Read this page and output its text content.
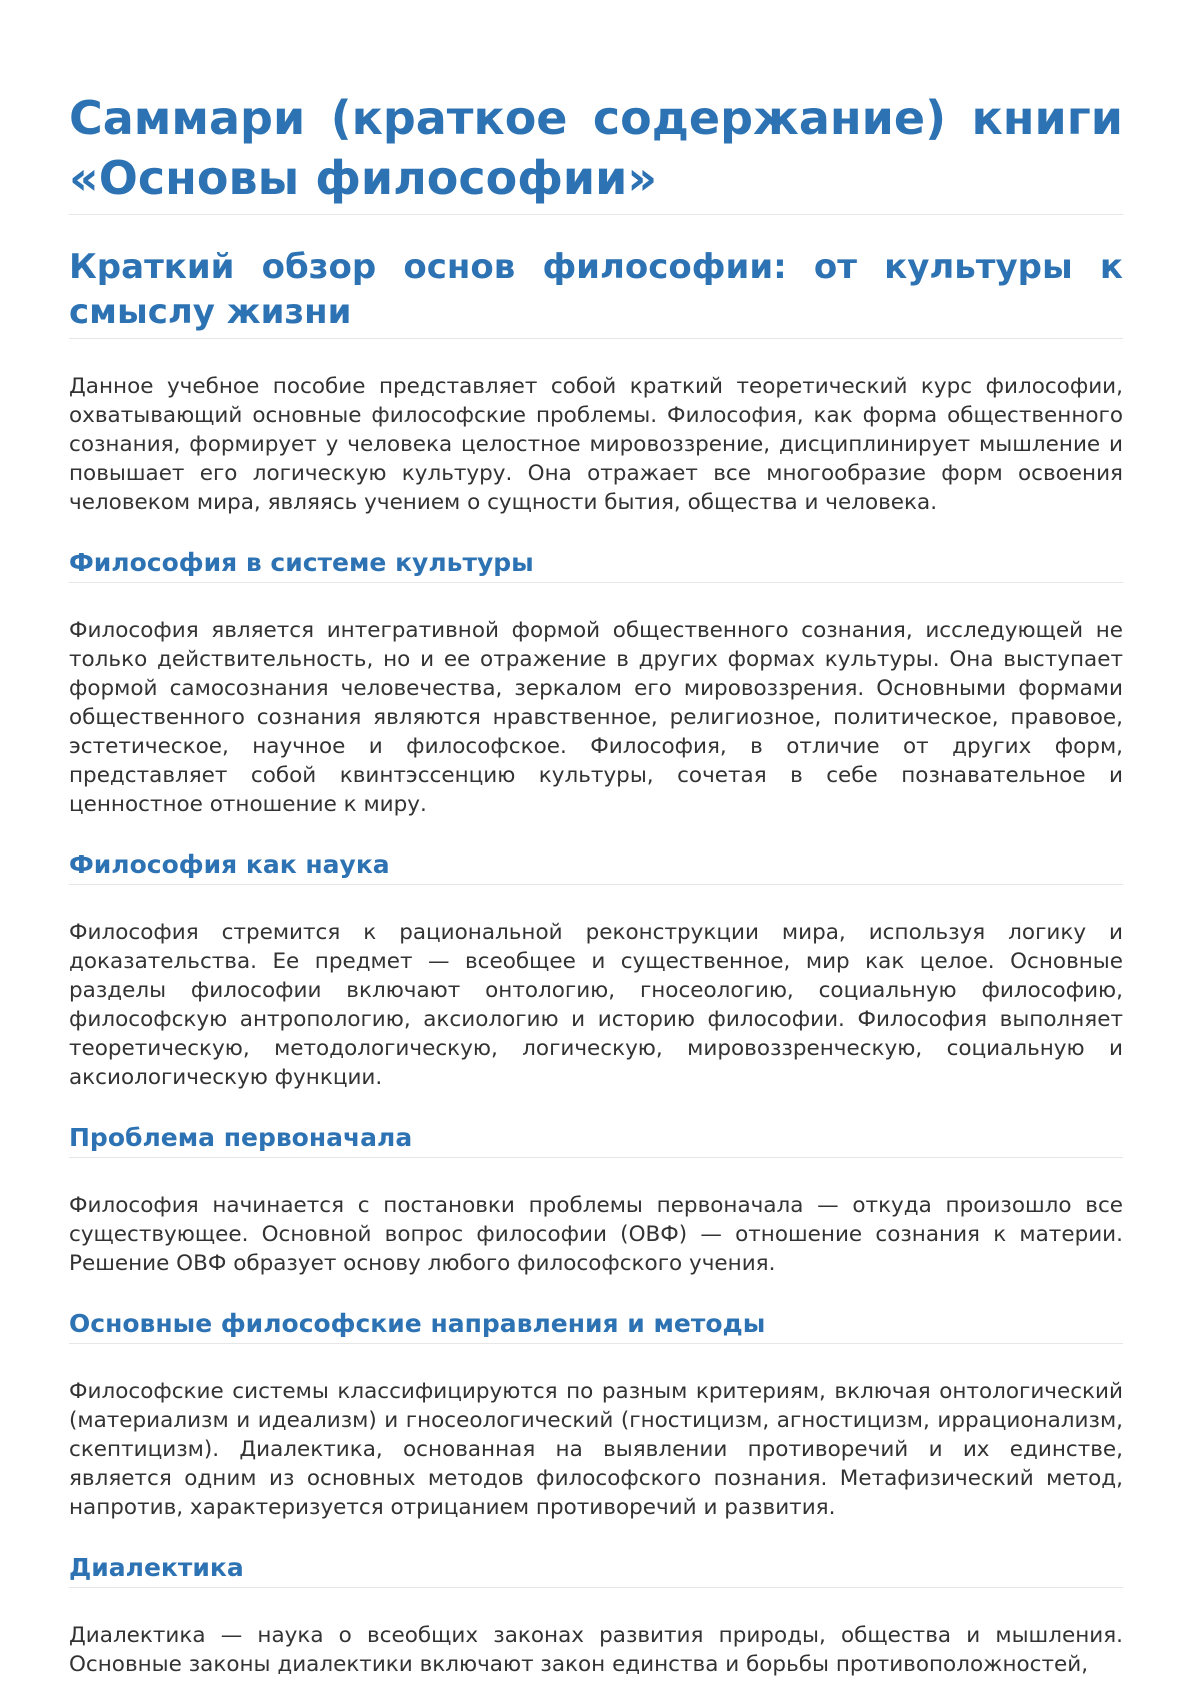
Саммари (краткое содержание) книги «Основы философии»
Краткий обзор основ философии: от культуры к смыслу жизни

Данное учебное пособие представляет собой краткий теоретический курс философии, охватывающий основные философские проблемы. Философия, как форма общественного сознания, формирует у человека целостное мировоззрение, дисциплинирует мышление и повышает его логическую культуру. Она отражает все многообразие форм освоения человеком мира, являясь учением о сущности бытия, общества и человека.

Философия в системе культуры

Философия является интегративной формой общественного сознания, исследующей не только действительность, но и ее отражение в других формах культуры. Она выступает формой самосознания человечества, зеркалом его мировоззрения. Основными формами общественного сознания являются нравственное, религиозное, политическое, правовое, эстетическое, научное и философское. Философия, в отличие от других форм, представляет собой квинтэссенцию культуры, сочетая в себе познавательное и ценностное отношение к миру.

Философия как наука

Философия стремится к рациональной реконструкции мира, используя логику и доказательства. Ее предмет — всеобщее и существенное, мир как целое. Основные разделы философии включают онтологию, гносеологию, социальную философию, философскую антропологию, аксиологию и историю философии. Философия выполняет теоретическую, методологическую, логическую, мировоззренческую, социальную и аксиологическую функции.

Проблема первоначала

Философия начинается с постановки проблемы первоначала — откуда произошло все существующее. Основной вопрос философии (ОВФ) — отношение сознания к материи. Решение ОВФ образует основу любого философского учения.

Основные философские направления и методы

Философские системы классифицируются по разным критериям, включая онтологический (материализм и идеализм) и гносеологический (гностицизм, агностицизм, иррационализм, скептицизм). Диалектика, основанная на выявлении противоречий и их единстве, является одним из основных методов философского познания. Метафизический метод, напротив, характеризуется отрицанием противоречий и развития.

Диалектика

Диалектика — наука о всеобщих законах развития природы, общества и мышления. Основные законы диалектики включают закон единства и борьбы противоположностей,
